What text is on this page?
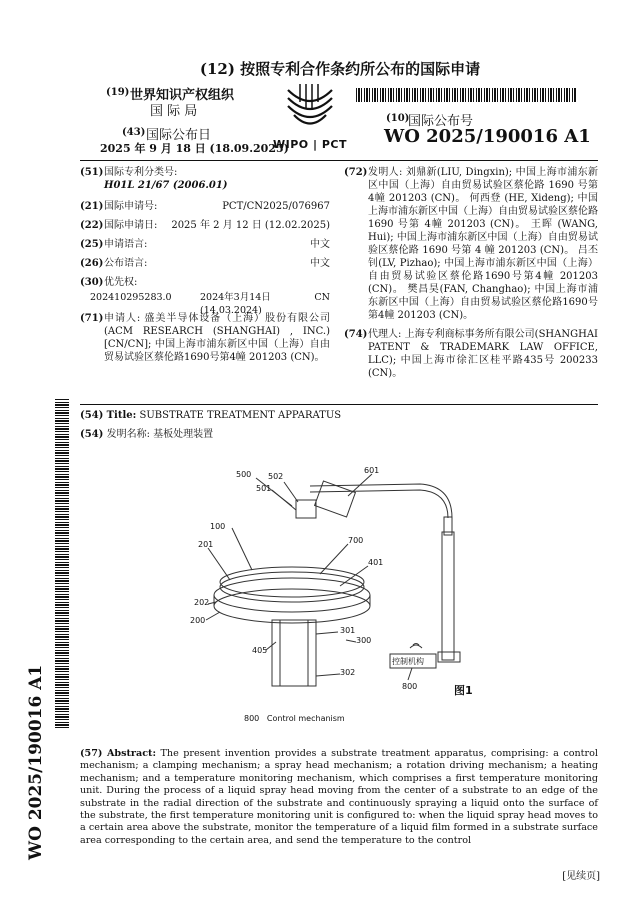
(12) 按照专利合作条约所公布的国际申请
(19) 世界知识产权组织
国 际 局
(43) 国际公布日
2025 年 9 月 18 日 (18.09.2025)
WIPO | PCT
(10)
国际公布号
WO 2025/190016 A1
(51) 国际专利分类号:
H01L 21/67 (2006.01)
(21) 国际申请号:	PCT/CN2025/076967
(22) 国际申请日: 2025 年 2 月 12 日 (12.02.2025)
(25) 申请语言:	中文
(26) 公布语言:	中文
(30) 优先权:
202410295283.0	2024年3月14日 (14.03.2024)
CN
(71) 申请人: 盛美半导体设备（上海）股份有限公司(ACM RESEARCH (SHANGHAI) , INC.) [CN/CN]; 中国上海市浦东新区中国（上海）自由贸易试验区蔡伦路1690号第4幢 201203 (CN)。
(72) 发明人: 刘鼎新(LIU, Dingxin); 中国上海市浦东新区中国（上海）自由贸易试验区蔡伦路 1690 号第 4幢 201203 (CN)。 何西登 (HE, Xideng); 中国上海市浦东新区中国（上海）自由贸易试验区蔡伦路 1690 号第 4幢 201203 (CN)。 王晖 (WANG, Hui); 中国上海市浦东新区中国（上海）自由贸易试验区蔡伦路 1690 号第 4 幢 201203 (CN)。 吕丕钊(LV, Pizhao); 中国上海市浦东新区中国（上海）自由贸易试验区蔡伦路1690号第4幢 201203 (CN)。 樊昌昊(FAN, Changhao); 中国上海市浦东新区中国（上海）自由贸易试验区蔡伦路1690号第4幢 201203 (CN)。
(74) 代理人: 上海专利商标事务所有限公司(SHANGHAI PATENT & TRADEMARK LAW OFFICE, LLC); 中国上海市徐汇区桂平路435号 200233 (CN)。
WO 2025/190016 A1
(54) Title: SUBSTRATE TREATMENT APPARATUS
(54) 发明名称: 基板处理装置
500 502
501
601
100
700
201
401
202
200
405
301
300
302
800
控制机构
图1
800 Control mechanism
(57) Abstract: The present invention provides a substrate treatment apparatus, comprising: a control mechanism; a clamping mechanism; a spray head mechanism; a rotation driving mechanism; a heating mechanism; and a temperature monitoring mechanism, which comprises a first temperature monitoring unit. During the process of a liquid spray head moving from the center of a substrate to an edge of the substrate in the radial direction of the substrate and continuously spraying a liquid onto the surface of the substrate, the first temperature monitoring unit is configured to: when the liquid spray head moves to a certain area above the substrate, monitor the temperature of a liquid film formed in a substrate surface area corresponding to the certain area, and send the temperature to the control
[见续页]
